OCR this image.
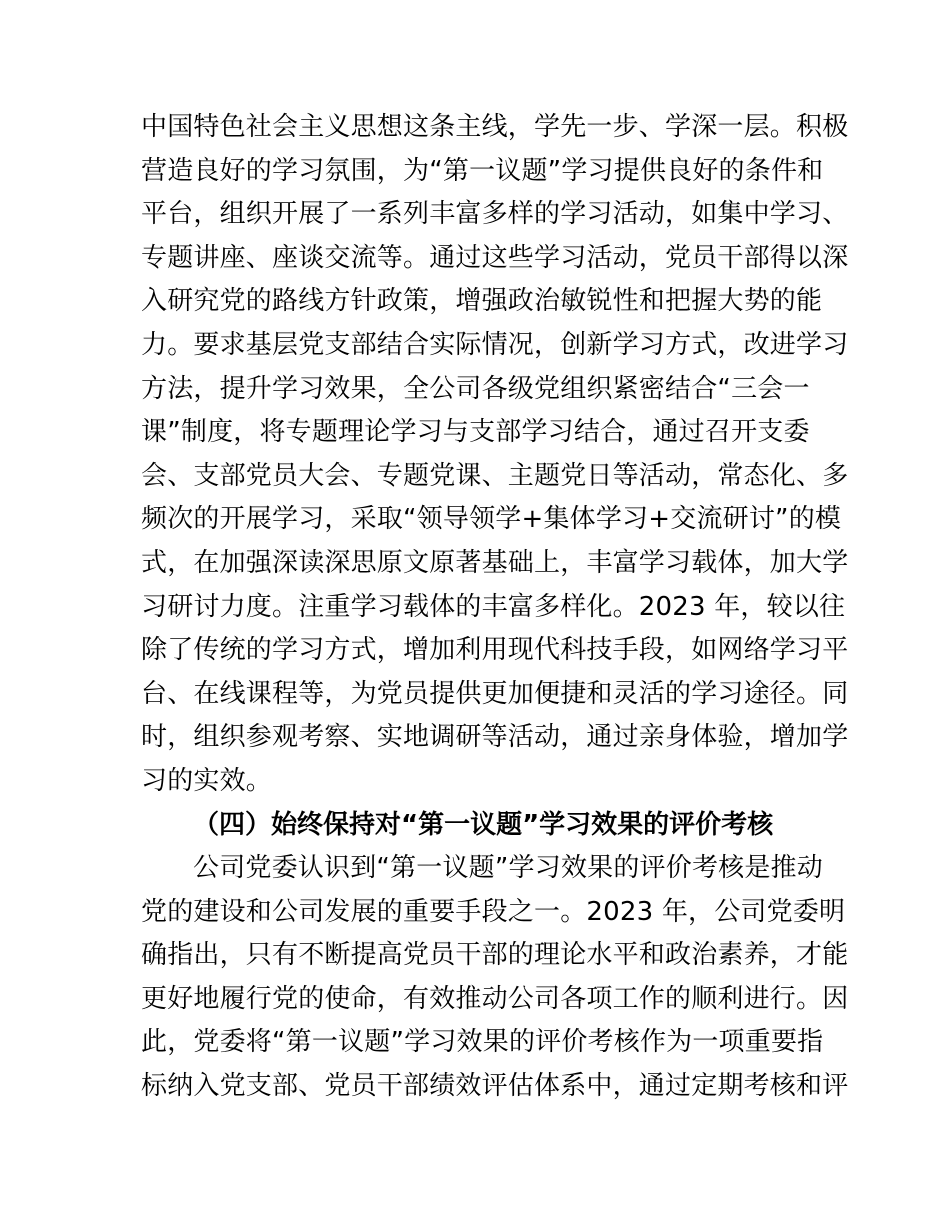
中国特色社会主义思想这条主线，学先一步、学深一层。积极
营造良好的学习氛围，为“第一议题”学习提供良好的条件和
平台，组织开展了一系列丰富多样的学习活动，如集中学习、
专题讲座、座谈交流等。通过这些学习活动，党员干部得以深
入研究党的路线方针政策，增强政治敏锐性和把握大势的能
力。要求基层党支部结合实际情况，创新学习方式，改进学习
方法，提升学习效果，全公司各级党组织紧密结合“三会一
课”制度，将专题理论学习与支部学习结合，通过召开支委
会、支部党员大会、专题党课、主题党日等活动，常态化、多
频次的开展学习，采取“领导领学+集体学习+交流研讨”的模
式，在加强深读深思原文原著基础上，丰富学习载体，加大学
习研讨力度。注重学习载体的丰富多样化。2023 年，较以往
除了传统的学习方式，增加利用现代科技手段，如网络学习平
台、在线课程等，为党员提供更加便捷和灵活的学习途径。同
时，组织参观考察、实地调研等活动，通过亲身体验，增加学
习的实效。
（四）始终保持对“第一议题”学习效果的评价考核
公司党委认识到“第一议题”学习效果的评价考核是推动
党的建设和公司发展的重要手段之一。2023 年，公司党委明
确指出，只有不断提高党员干部的理论水平和政治素养，才能
更好地履行党的使命，有效推动公司各项工作的顺利进行。因
此，党委将“第一议题”学习效果的评价考核作为一项重要指
标纳入党支部、党员干部绩效评估体系中，通过定期考核和评
